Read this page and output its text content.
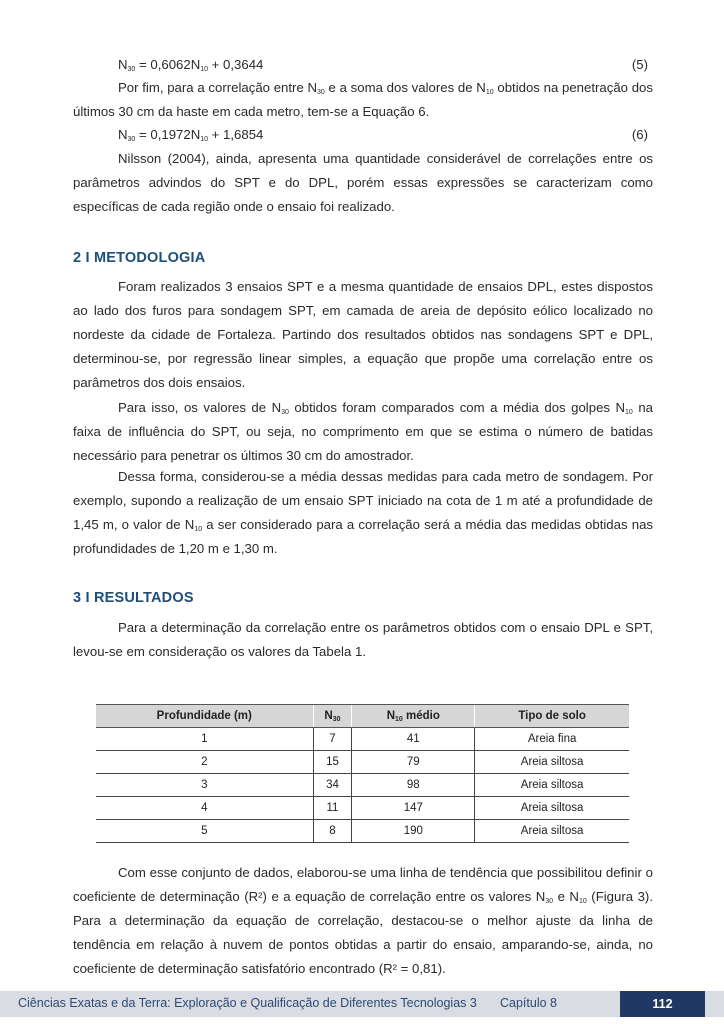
$N_{30} = 0,6062N_{10} + 0,3644$	(5)

Por fim, para a correlação entre $N_{30}$ e a soma dos valores de $N_{10}$ obtidos na penetração dos últimos 30 cm da haste em cada metro, tem-se a Equação 6.

$N_{30} = 0,1972N_{10} + 1,6854$	(6)

Nilsson (2004), ainda, apresenta uma quantidade considerável de correlações entre os parâmetros advindos do SPT e do DPL, porém essas expressões se caracterizam como específicas de cada região onde o ensaio foi realizado.

2 I METODOLOGIA

Foram realizados 3 ensaios SPT e a mesma quantidade de ensaios DPL, estes dispostos ao lado dos furos para sondagem SPT, em camada de areia de depósito eólico localizado no nordeste da cidade de Fortaleza. Partindo dos resultados obtidos nas sondagens SPT e DPL, determinou-se, por regressão linear simples, a equação que propõe uma correlação entre os parâmetros dos dois ensaios.

Para isso, os valores de $N_{30}$ obtidos foram comparados com a média dos golpes $N_{10}$ na faixa de influência do SPT, ou seja, no comprimento em que se estima o número de batidas necessário para penetrar os últimos 30 cm do amostrador.

Dessa forma, considerou-se a média dessas medidas para cada metro de sondagem. Por exemplo, supondo a realização de um ensaio SPT iniciado na cota de 1 m até a profundidade de 1,45 m, o valor de $N_{10}$ a ser considerado para a correlação será a média das medidas obtidas nas profundidades de 1,20 m e 1,30 m.

3 I RESULTADOS

Para a determinação da correlação entre os parâmetros obtidos com o ensaio DPL e SPT, levou-se em consideração os valores da Tabela 1.

Profundidade (m)	$N_{30}$	$N_{10}$ médio	Tipo de solo
1	7	41	Areia fina
2	15	79	Areia siltosa
3	34	98	Areia siltosa
4	11	147	Areia siltosa
5	8	190	Areia siltosa

Com esse conjunto de dados, elaborou-se uma linha de tendência que possibilitou definir o coeficiente de determinação (R²) e a equação de correlação entre os valores $N_{30}$ e $N_{10}$ (Figura 3). Para a determinação da equação de correlação, destacou-se o melhor ajuste da linha de tendência em relação à nuvem de pontos obtidas a partir do ensaio, amparando-se, ainda, no coeficiente de determinação satisfatório encontrado (R² = 0,81).

Ciências Exatas e da Terra: Exploração e Qualificação de Diferentes Tecnologias 3 Capítulo 8	112
